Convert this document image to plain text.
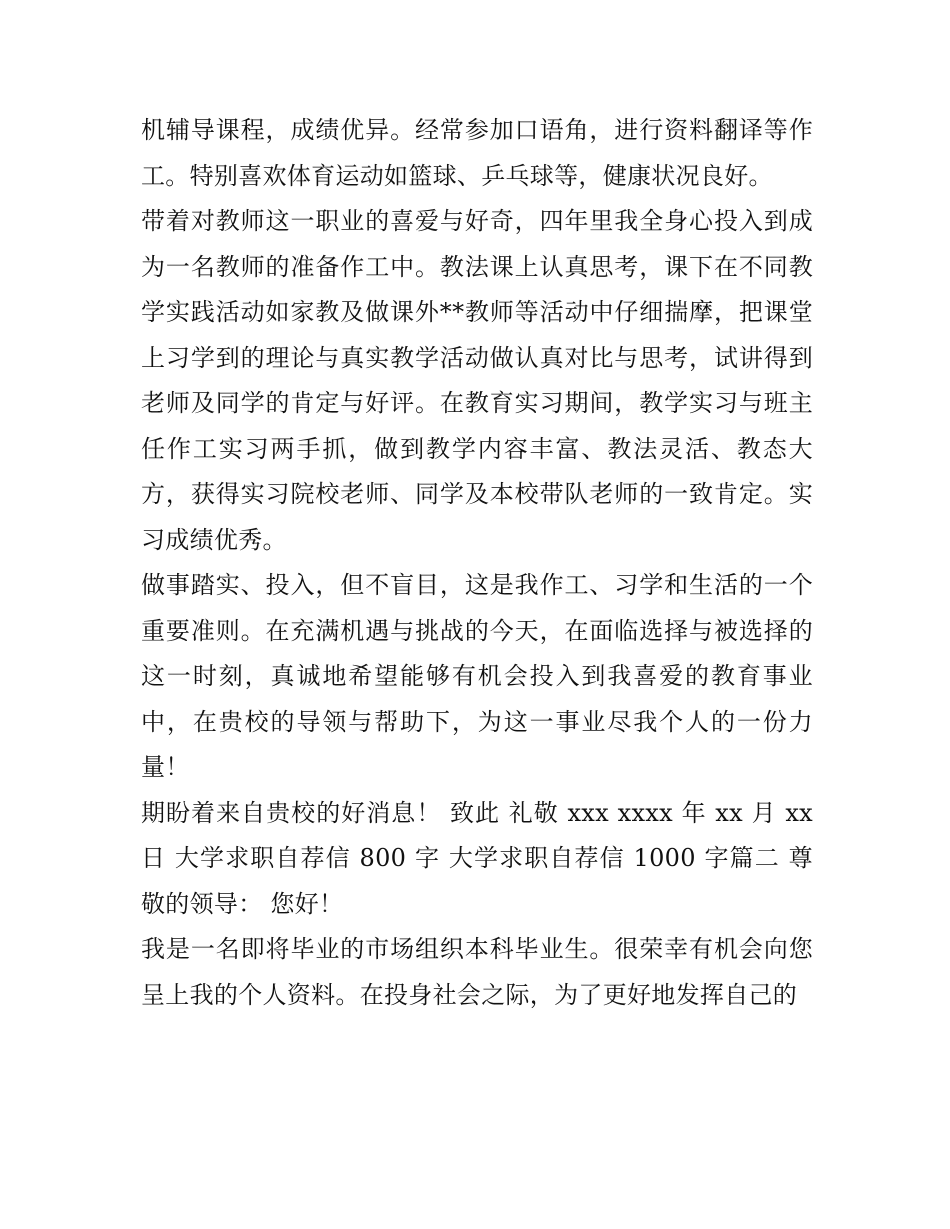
机辅导课程，成绩优异。经常参加口语角，进行资料翻译等作工。特别喜欢体育运动如篮球、乒乓球等，健康状况良好。

带着对教师这一职业的喜爱与好奇，四年里我全身心投入到成为一名教师的准备作工中。教法课上认真思考，课下在不同教学实践活动如家教及做课外**教师等活动中仔细揣摩，把课堂上习学到的理论与真实教学活动做认真对比与思考，试讲得到老师及同学的肯定与好评。在教育实习期间，教学实习与班主任作工实习两手抓，做到教学内容丰富、教法灵活、教态大方，获得实习院校老师、同学及本校带队老师的一致肯定。实习成绩优秀。

做事踏实、投入，但不盲目，这是我作工、习学和生活的一个重要准则。在充满机遇与挑战的今天，在面临选择与被选择的这一时刻，真诚地希望能够有机会投入到我喜爱的教育事业中，在贵校的导领与帮助下，为这一事业尽我个人的一份力量！

期盼着来自贵校的好消息！ 致此 礼敬 xxx xxxx 年 xx 月 xx 日 大学求职自荐信 800 字 大学求职自荐信 1000 字篇二 尊敬的领导： 您好！

我是一名即将毕业的市场组织本科毕业生。很荣幸有机会向您呈上我的个人资料。在投身社会之际，为了更好地发挥自己的
